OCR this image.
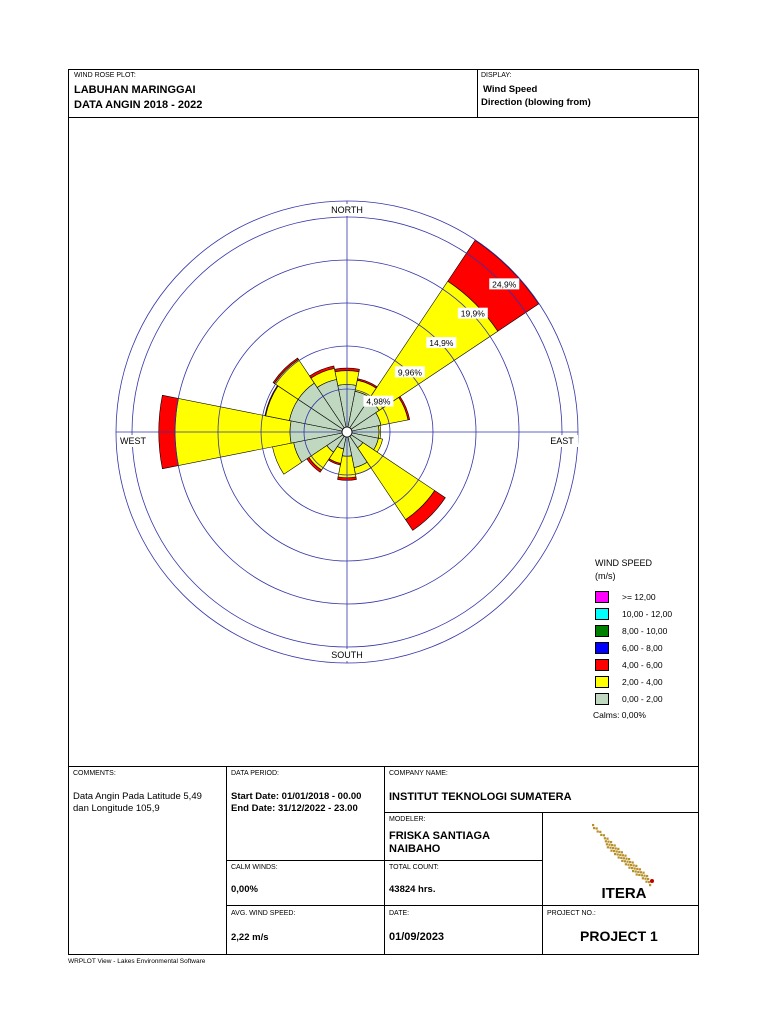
WIND ROSE PLOT:
LABUHAN MARINGGAI
DATA ANGIN 2018 - 2022
DISPLAY:
Wind Speed
Direction (blowing from)
NORTH
EAST
SOUTH
WEST
4,98%
9,96%
14,9%
19,9%
24,9%
WIND SPEED
(m/s)
>= 12,00
10,00 - 12,00
8,00 - 10,00
6,00 - 8,00
4,00 - 6,00
2,00 - 4,00
0,00 - 2,00
Calms: 0,00%
COMMENTS:
Data Angin Pada Latitude 5,49
dan Longitude 105,9
DATA PERIOD:
Start Date: 01/01/2018 - 00.00
End Date: 31/12/2022 - 23.00
COMPANY NAME:
INSTITUT TEKNOLOGI SUMATERA
MODELER:
FRISKA SANTIAGA
NAIBAHO
CALM WINDS:
0,00%
TOTAL COUNT:
43824 hrs.	ITERA
AVG. WIND SPEED:
2,22 m/s
DATE:
01/09/2023
PROJECT NO.:
PROJECT 1
WRPLOT View - Lakes Environmental Software
